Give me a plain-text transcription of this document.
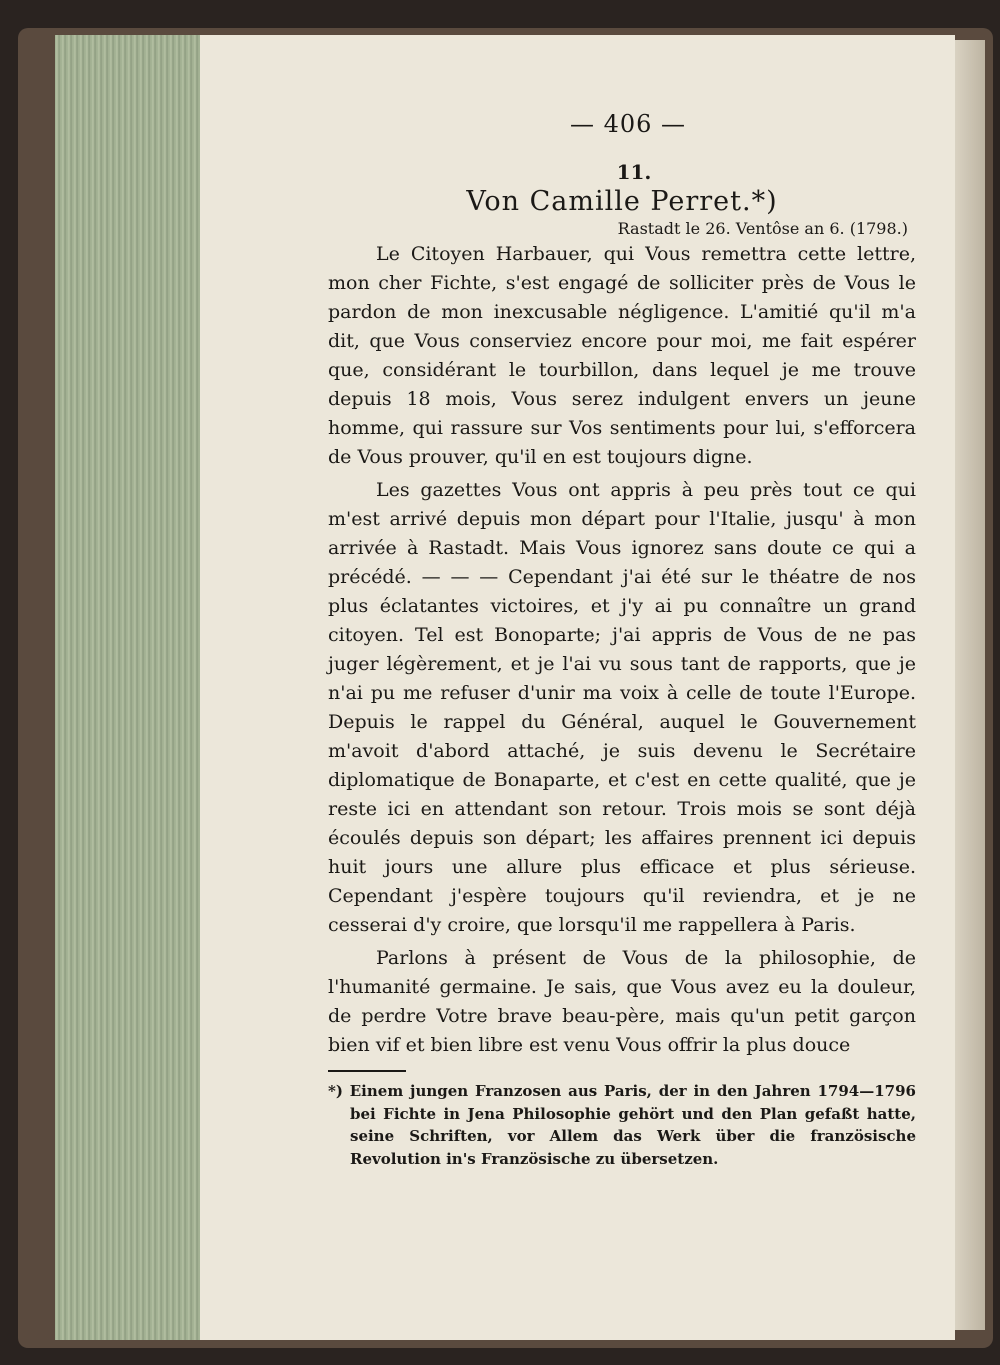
— 406 —
11.
Von Camille Perret.*)
Rastadt le 26. Ventôse an 6. (1798.)

Le Citoyen Harbauer, qui Vous remettra cette lettre, mon cher Fichte, s'est engagé de solliciter près de Vous le pardon de mon inexcusable négligence. L'amitié qu'il m'a dit, que Vous conserviez encore pour moi, me fait espérer que, considérant le tourbillon, dans lequel je me trouve depuis 18 mois, Vous serez indulgent envers un jeune homme, qui rassure sur Vos sentiments pour lui, s'efforcera de Vous prouver, qu'il en est toujours digne.

Les gazettes Vous ont appris à peu près tout ce qui m'est arrivé depuis mon départ pour l'Italie, jusqu' à mon arrivée à Rastadt. Mais Vous ignorez sans doute ce qui a précédé. — — — Cependant j'ai été sur le théatre de nos plus éclatantes victoires, et j'y ai pu connaître un grand citoyen. Tel est Bonoparte; j'ai appris de Vous de ne pas juger légèrement, et je l'ai vu sous tant de rapports, que je n'ai pu me refuser d'unir ma voix à celle de toute l'Europe. Depuis le rappel du Général, auquel le Gouvernement m'avoit d'abord attaché, je suis devenu le Secrétaire diplomatique de Bonaparte, et c'est en cette qualité, que je reste ici en attendant son retour. Trois mois se sont déjà écoulés depuis son départ; les affaires prennent ici depuis huit jours une allure plus efficace et plus sérieuse. Cependant j'espère toujours qu'il reviendra, et je ne cesserai d'y croire, que lorsqu'il me rappellera à Paris.

Parlons à présent de Vous de la philosophie, de l'humanité germaine. Je sais, que Vous avez eu la douleur, de perdre Votre brave beau-père, mais qu'un petit garçon bien vif et bien libre est venu Vous offrir la plus douce

*) Einem jungen Franzosen aus Paris, der in den Jahren 1794—1796 bei Fichte in Jena Philosophie gehört und den Plan gefaßt hatte, seine Schriften, vor Allem das Werk über die französische Revolution in's Französische zu übersetzen.
